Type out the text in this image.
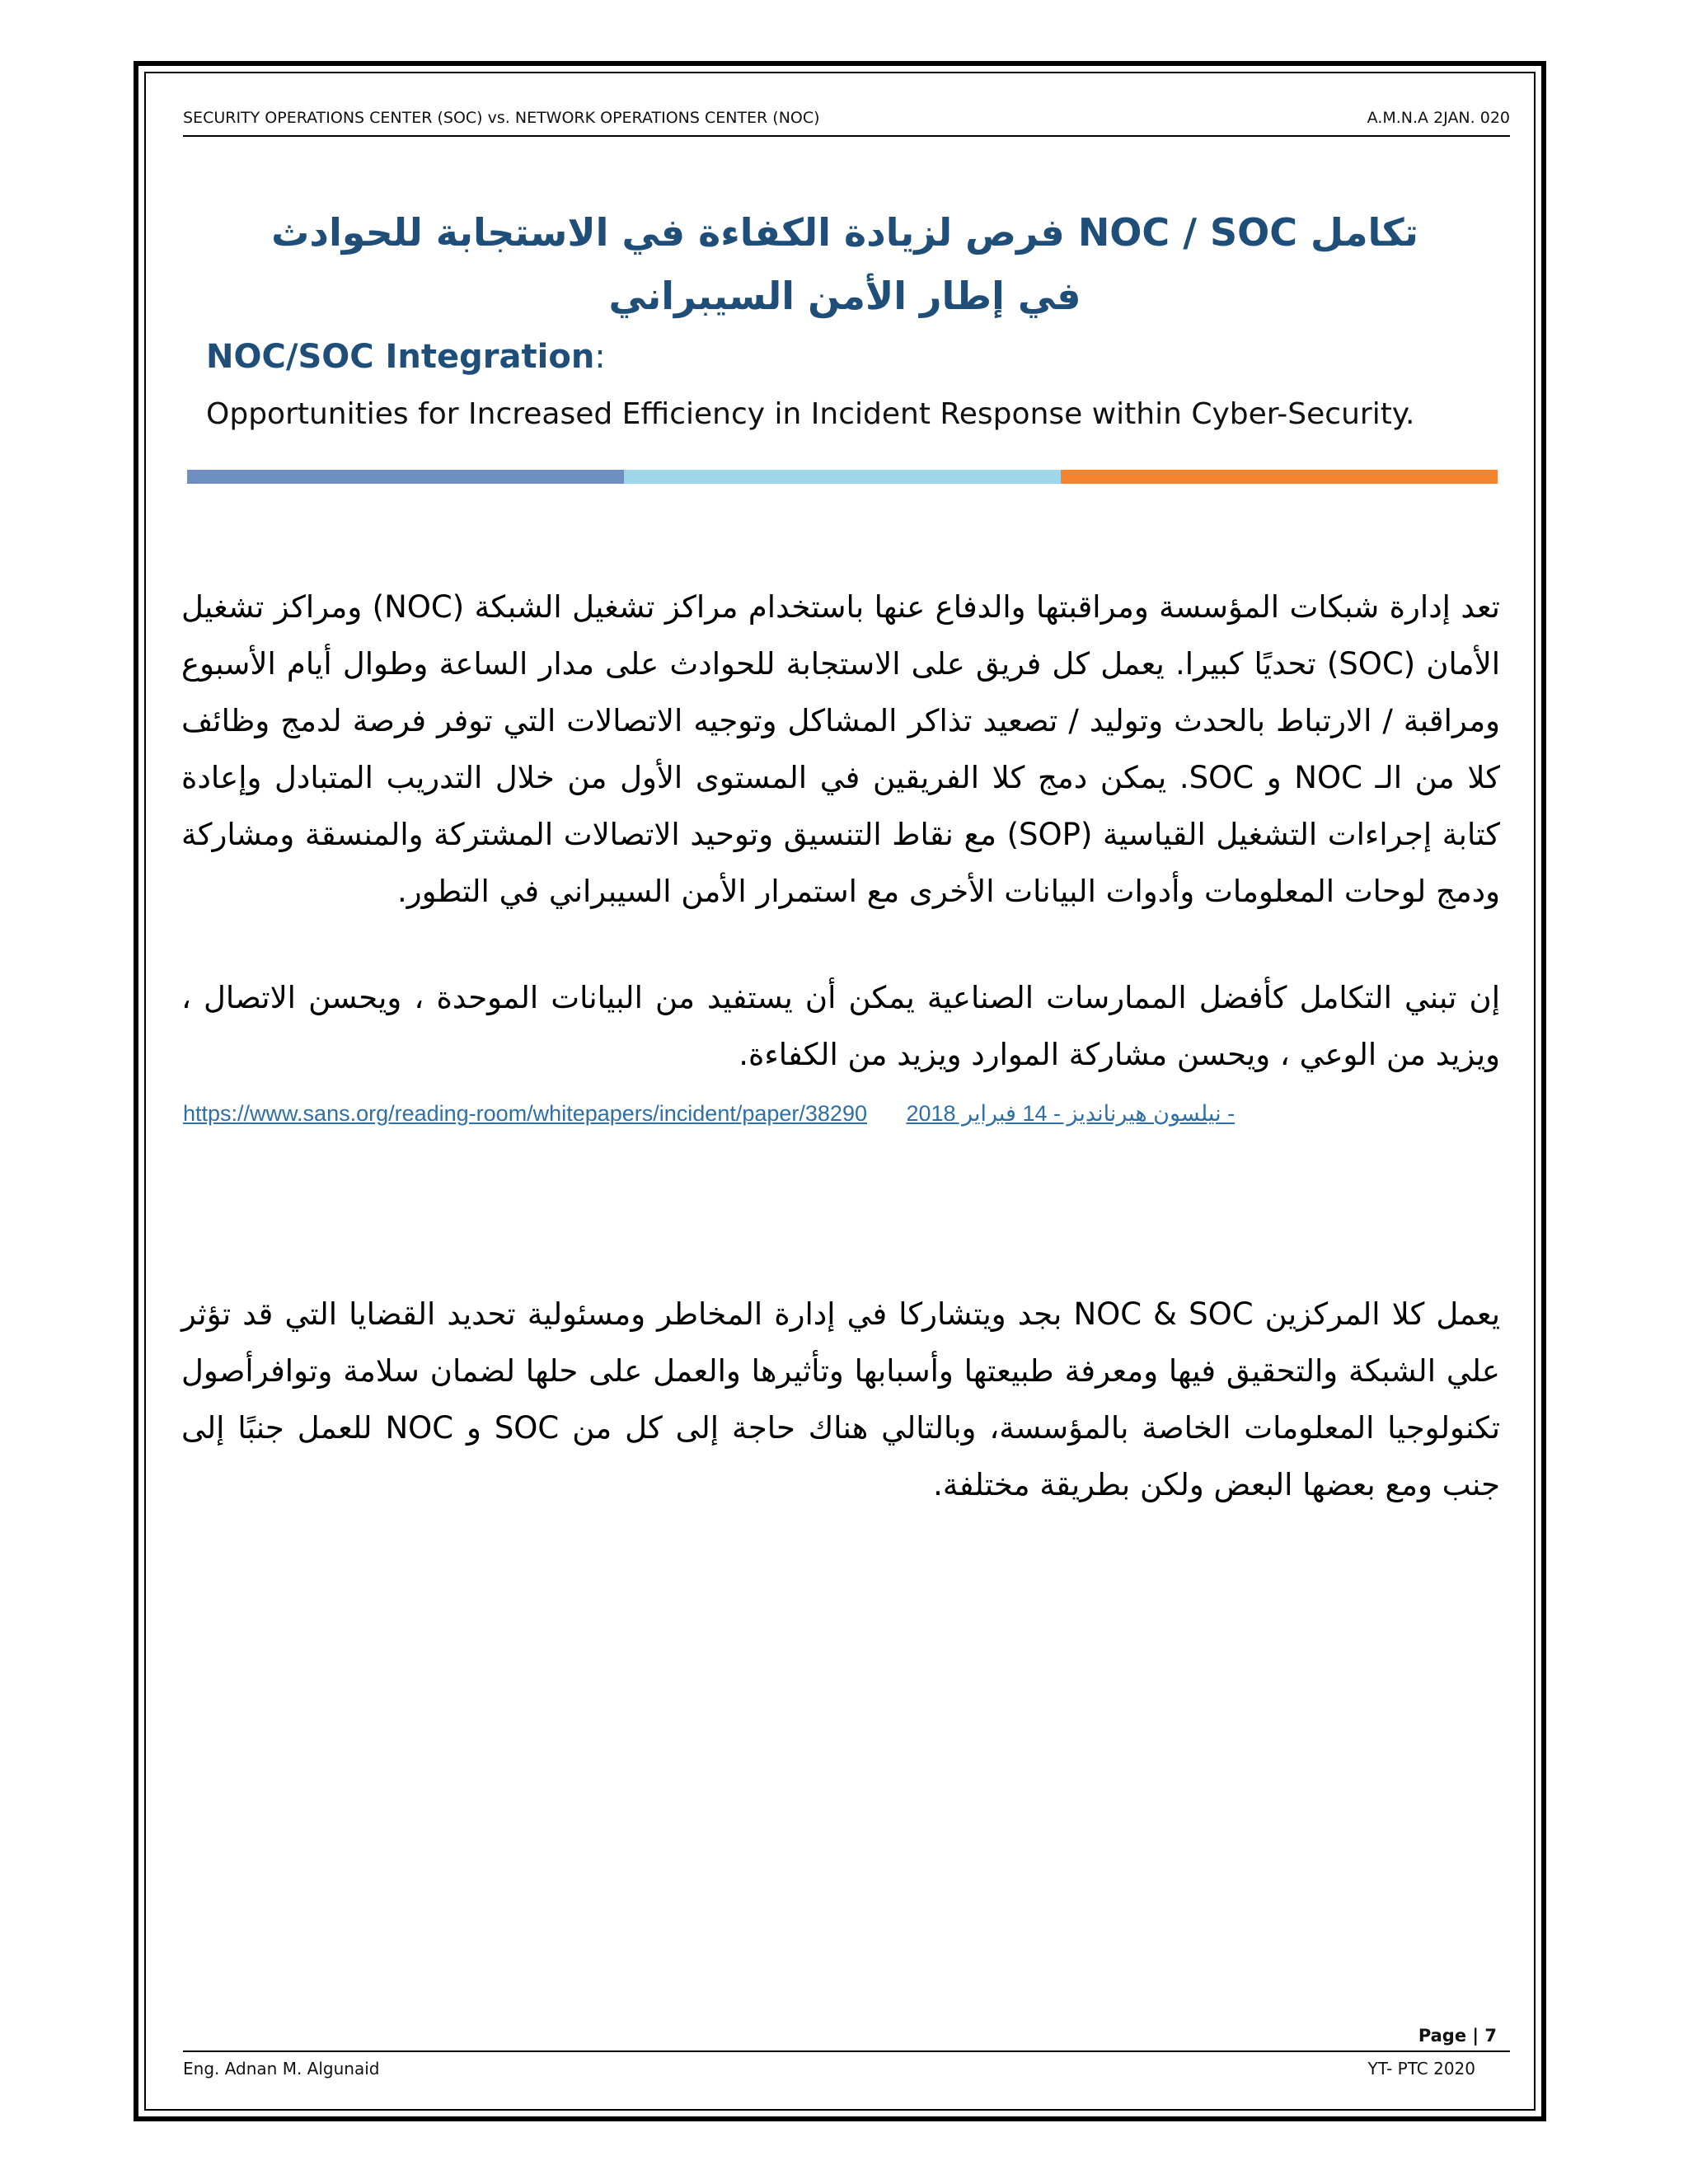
SECURITY OPERATIONS CENTER (SOC) vs. NETWORK OPERATIONS CENTER (NOC)	A.M.N.A 2JAN. 020
تكامل NOC / SOC فرص لزيادة الكفاءة في الاستجابة للحوادث
في إطار الأمن السيبراني
NOC/SOC Integration:
Opportunities for Increased Efficiency in Incident Response within Cyber-Security.
تعد إدارة شبكات المؤسسة ومراقبتها والدفاع عنها باستخدام مراكز تشغيل الشبكة (NOC) ومراكز تشغيل الأمان (SOC) تحديًا كبيرا. يعمل كل فريق على الاستجابة للحوادث على مدار الساعة وطوال أيام الأسبوع ومراقبة / الارتباط بالحدث وتوليد / تصعيد تذاكر المشاكل وتوجيه الاتصالات التي توفر فرصة لدمج وظائف كلا من الـ NOC و SOC. يمكن دمج كلا الفريقين في المستوى الأول من خلال التدريب المتبادل وإعادة كتابة إجراءات التشغيل القياسية (SOP) مع نقاط التنسيق وتوحيد الاتصالات المشتركة والمنسقة ومشاركة ودمج لوحات المعلومات وأدوات البيانات الأخرى مع استمرار الأمن السيبراني في التطور.
إن تبني التكامل كأفضل الممارسات الصناعية يمكن أن يستفيد من البيانات الموحدة ، ويحسن الاتصال ، ويزيد من الوعي ، ويحسن مشاركة الموارد ويزيد من الكفاءة.
https://www.sans.org/reading-room/whitepapers/incident/paper/38290 - نيلسون هيرنانديز - 14 فبراير 2018
يعمل كلا المركزين NOC & SOC بجد ويتشاركا في إدارة المخاطر ومسئولية تحديد القضايا التي قد تؤثر علي الشبكة والتحقيق فيها ومعرفة طبيعتها وأسبابها وتأثيرها والعمل على حلها لضمان سلامة وتوافرأصول تكنولوجيا المعلومات الخاصة بالمؤسسة، وبالتالي هناك حاجة إلى كل من SOC و NOC للعمل جنبًا إلى جنب ومع بعضها البعض ولكن بطريقة مختلفة.
Page | 7
Eng. Adnan M. Algunaid	YT- PTC 2020
